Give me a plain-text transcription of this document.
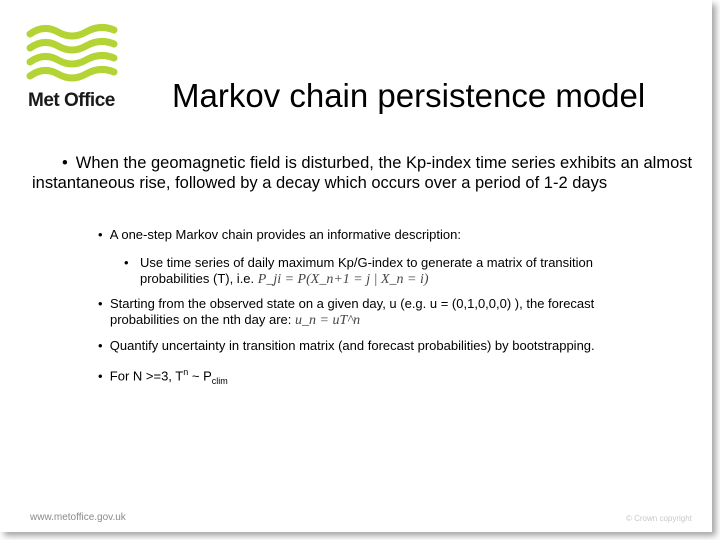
Met Office Markov chain persistence model
• When the geomagnetic field is disturbed, the Kp-index time series exhibits an almost instantaneous rise, followed by a decay which occurs over a period of 1-2 days
•  A one-step Markov chain provides an informative description:
• Use time series of daily maximum Kp/G-index to generate a matrix of transition
probabilities (T), i.e. P_ji = P(X_n+1 = j | X_n = i)
• Starting from the observed state on a given day, u (e.g. u = (0,1,0,0,0) ), the forecast
probabilities on the nth day are: u_n = uT^n
•  Quantify uncertainty in transition matrix (and forecast probabilities) by bootstrapping.
•  For N >=3, $T^n$ ~ $P_{clim}$
www.metoffice.gov.uk	© Crown copyright
